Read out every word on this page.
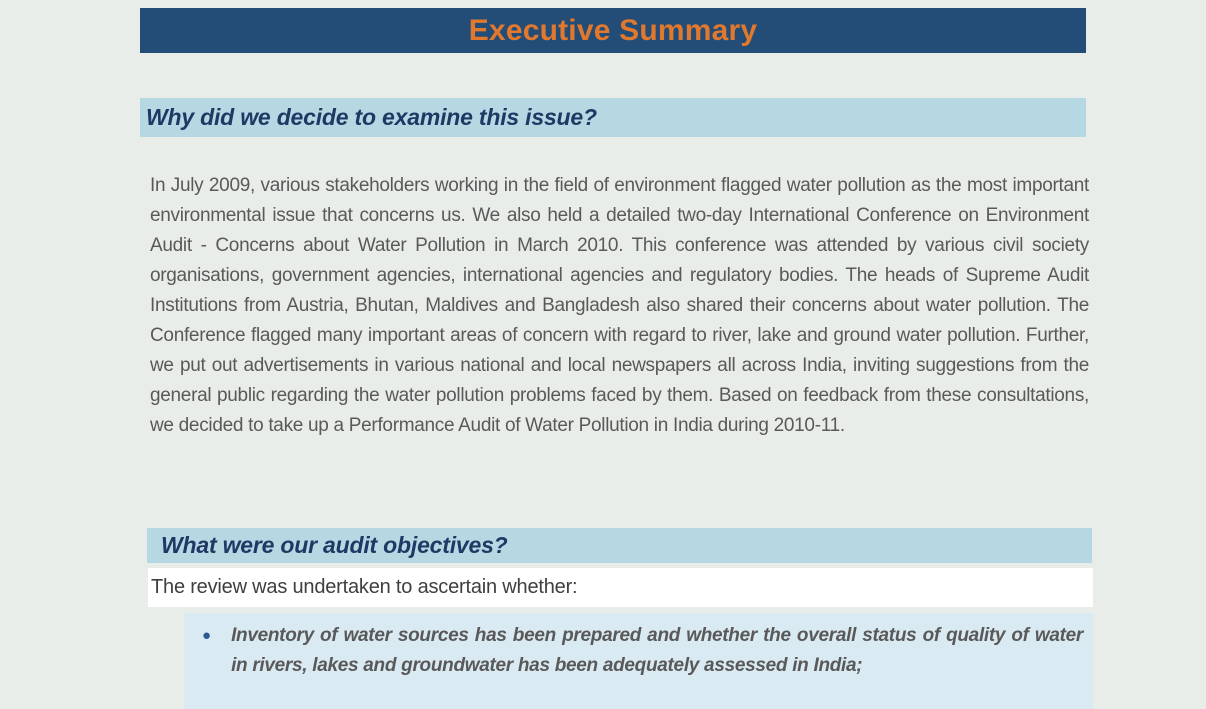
Executive Summary
Why did we decide to examine this issue?
In July 2009, various stakeholders working in the field of environment flagged water pollution as the most important environmental issue that concerns us. We also held a detailed two-day International Conference on Environment Audit - Concerns about Water Pollution in March 2010. This conference was attended by various civil society organisations, government agencies, international agencies and regulatory bodies. The heads of Supreme Audit Institutions from Austria, Bhutan, Maldives and Bangladesh also shared their concerns about water pollution. The Conference flagged many important areas of concern with regard to river, lake and ground water pollution. Further, we put out advertisements in various national and local newspapers all across India, inviting suggestions from the general public regarding the water pollution problems faced by them. Based on feedback from these consultations, we decided to take up a Performance Audit of Water Pollution in India during 2010-11.
What were our audit objectives?
The review was undertaken to ascertain whether:
● Inventory of water sources has been prepared and whether the overall status of quality of water in rivers, lakes and groundwater has been adequately assessed in India;
